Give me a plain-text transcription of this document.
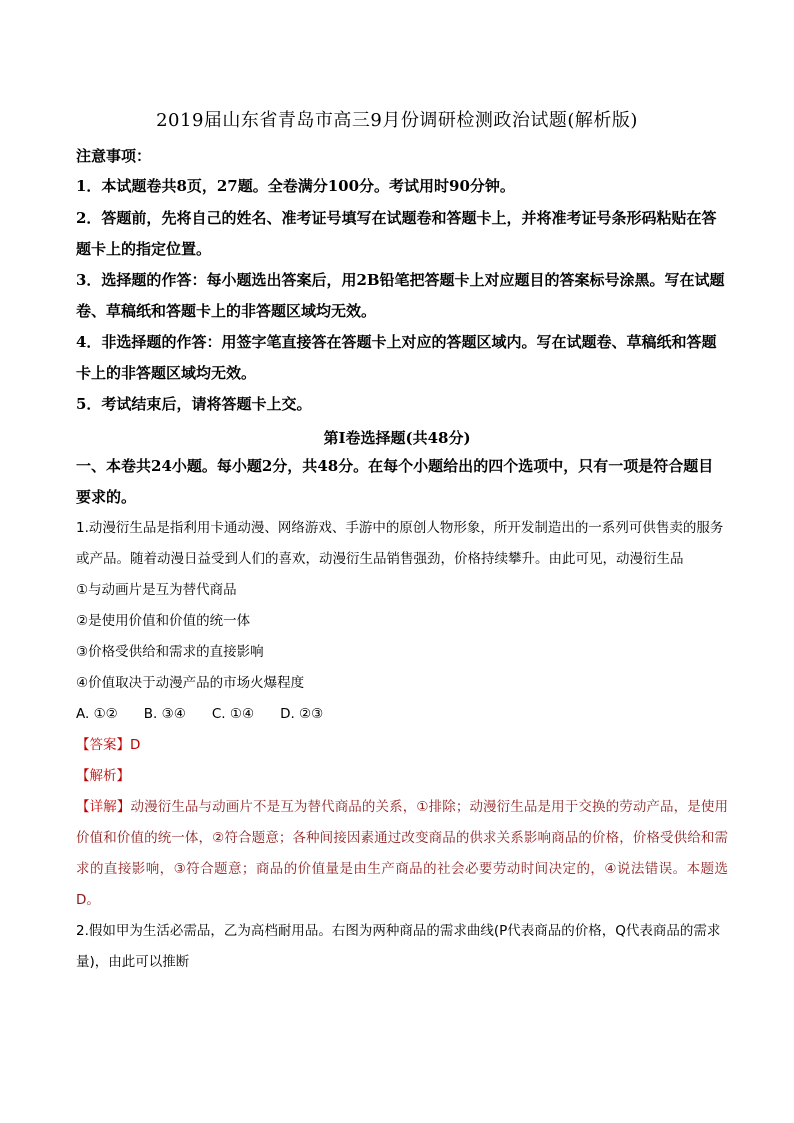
2019届山东省青岛市高三9月份调研检测政治试题(解析版)
注意事项：
1．本试题卷共8页，27题。全卷满分100分。考试用时90分钟。
2．答题前，先将自己的姓名、准考证号填写在试题卷和答题卡上，并将准考证号条形码粘贴在答题卡上的指定位置。
3．选择题的作答：每小题选出答案后，用2B铅笔把答题卡上对应题目的答案标号涂黑。写在试题卷、草稿纸和答题卡上的非答题区域均无效。
4．非选择题的作答：用签字笔直接答在答题卡上对应的答题区域内。写在试题卷、草稿纸和答题卡上的非答题区域均无效。
5．考试结束后，请将答题卡上交。
第Ⅰ卷选择题(共48分)
一、本卷共24小题。每小题2分，共48分。在每个小题给出的四个选项中，只有一项是符合题目要求的。
1.动漫衍生品是指利用卡通动漫、网络游戏、手游中的原创人物形象，所开发制造出的一系列可供售卖的服务或产品。随着动漫日益受到人们的喜欢，动漫衍生品销售强劲，价格持续攀升。由此可见，动漫衍生品
①与动画片是互为替代商品
②是使用价值和价值的统一体
③价格受供给和需求的直接影响
④价值取决于动漫产品的市场火爆程度
A. ①② B. ③④ C. ①④ D. ②③
【答案】D
【解析】
【详解】动漫衍生品与动画片不是互为替代商品的关系，①排除；动漫衍生品是用于交换的劳动产品，是使用价值和价值的统一体，②符合题意；各种间接因素通过改变商品的供求关系影响商品的价格，价格受供给和需求的直接影响，③符合题意；商品的价值量是由生产商品的社会必要劳动时间决定的，④说法错误。本题选D。
2.假如甲为生活必需品，乙为高档耐用品。右图为两种商品的需求曲线(P代表商品的价格，Q代表商品的需求量)，由此可以推断
